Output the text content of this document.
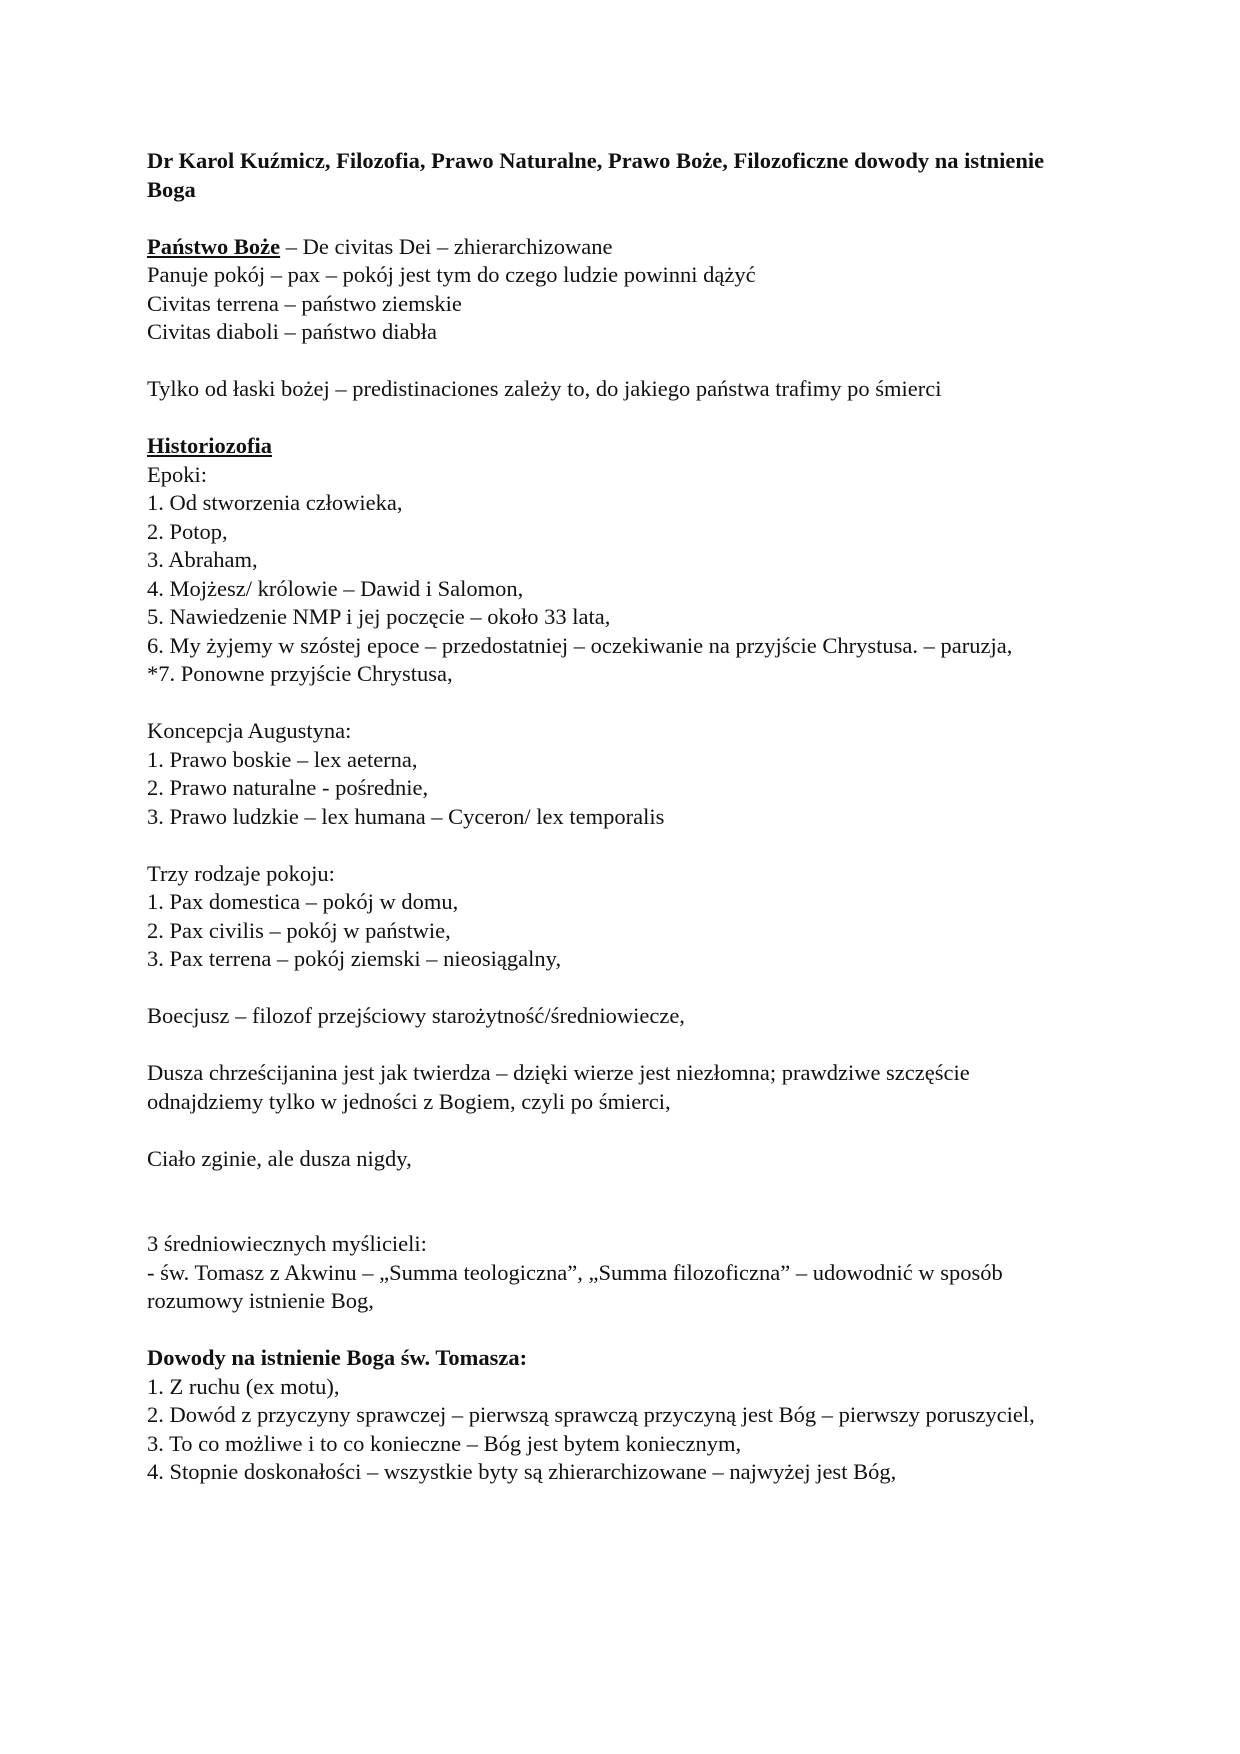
Dr Karol Kuźmicz, Filozofia, Prawo Naturalne, Prawo Boże, Filozoficzne dowody na istnienie Boga

Państwo Boże – De civitas Dei – zhierarchizowane

Panuje pokój – pax – pokój jest tym do czego ludzie powinni dążyć

Civitas terrena – państwo ziemskie

Civitas diaboli – państwo diabła

Tylko od łaski bożej – predistinaciones zależy to, do jakiego państwa trafimy po śmierci

Historiozofia

Epoki:

1. Od stworzenia człowieka,

2. Potop,

3. Abraham,

4. Mojżesz/ królowie – Dawid i Salomon,

5. Nawiedzenie NMP i jej poczęcie – około 33 lata,

6. My żyjemy w szóstej epoce – przedostatniej – oczekiwanie na przyjście Chrystusa. – paruzja,

*7. Ponowne przyjście Chrystusa,

Koncepcja Augustyna:

1. Prawo boskie – lex aeterna,

2. Prawo naturalne - pośrednie,

3. Prawo ludzkie – lex humana – Cyceron/ lex temporalis

Trzy rodzaje pokoju:

1. Pax domestica – pokój w domu,

2. Pax civilis – pokój w państwie,

3. Pax terrena – pokój ziemski – nieosiągalny,

Boecjusz – filozof przejściowy starożytność/średniowiecze,

Dusza chrześcijanina jest jak twierdza – dzięki wierze jest niezłomna; prawdziwe szczęście odnajdziemy tylko w jedności z Bogiem, czyli po śmierci,

Ciało zginie, ale dusza nigdy,

3 średniowiecznych myślicieli:

- św. Tomasz z Akwinu – „Summa teologiczna”, „Summa filozoficzna” – udowodnić w sposób rozumowy istnienie Bog,

Dowody na istnienie Boga św. Tomasza:

1. Z ruchu (ex motu),

2. Dowód z przyczyny sprawczej – pierwszą sprawczą przyczyną jest Bóg – pierwszy poruszyciel,

3. To co możliwe i to co konieczne – Bóg jest bytem koniecznym,

4. Stopnie doskonałości – wszystkie byty są zhierarchizowane – najwyżej jest Bóg,
